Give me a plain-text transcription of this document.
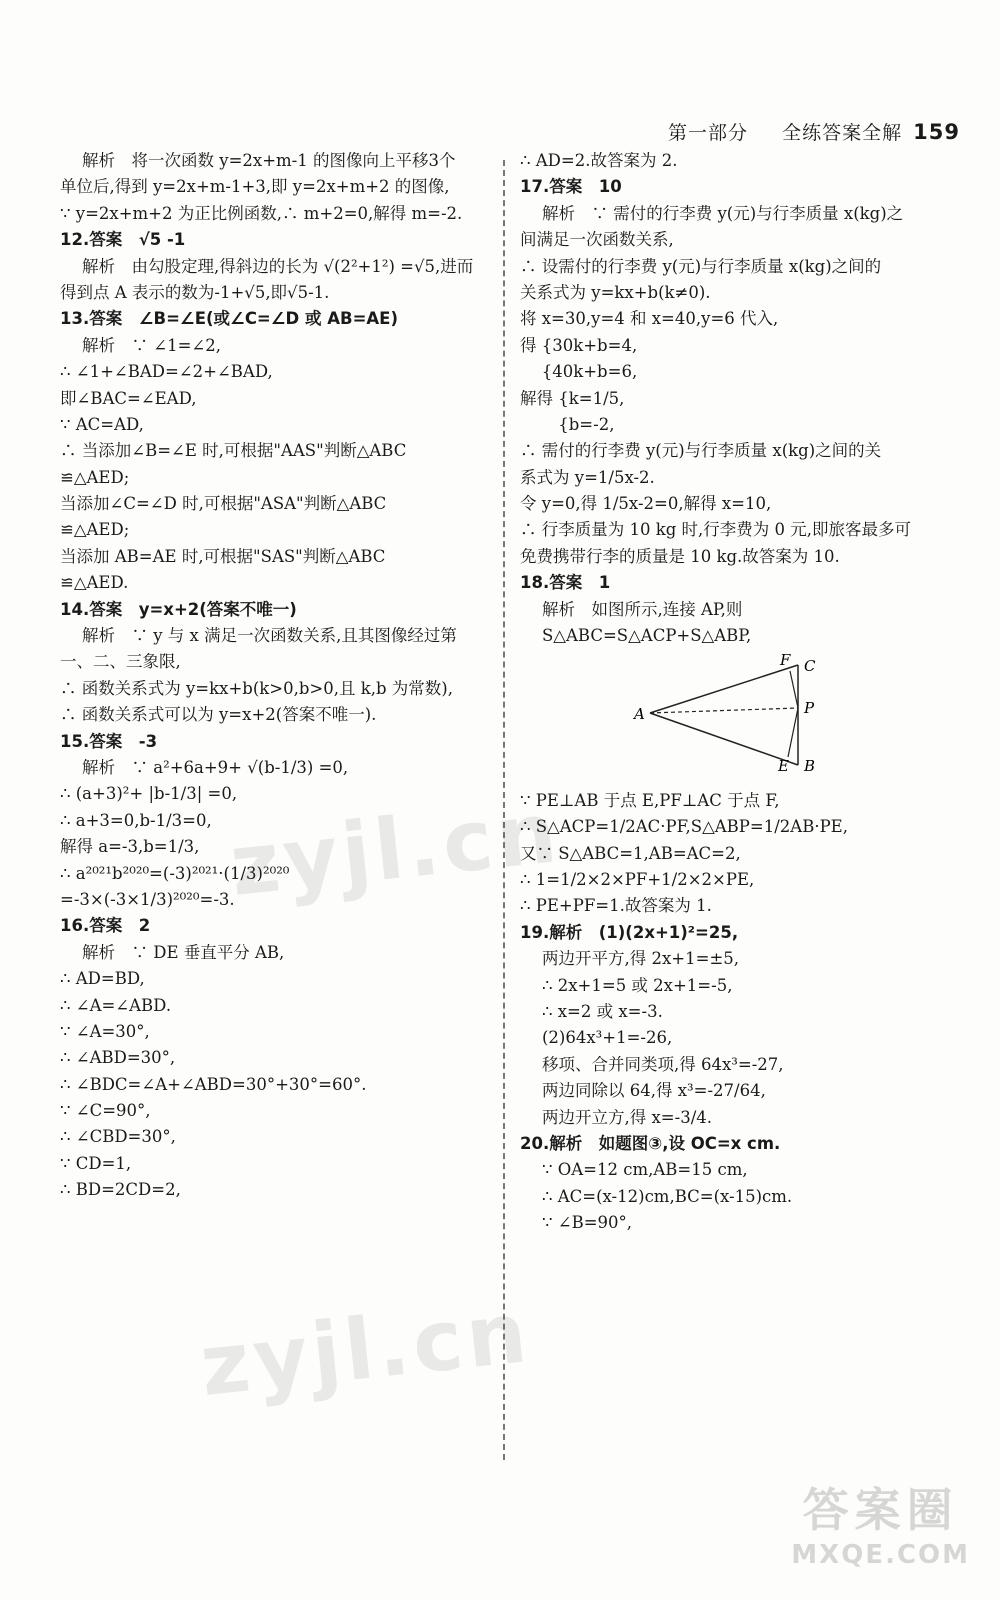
第一部分 　 全练答案全解 159

解析　将一次函数 y=2x+m-1 的图像向上平移3个

单位后,得到 y=2x+m-1+3,即 y=2x+m+2 的图像,

∵ y=2x+m+2 为正比例函数,∴ m+2=0,解得 m=-2.

12.答案　√5 -1

解析　由勾股定理,得斜边的长为 √(2²+1²) =√5,进而

得到点 A 表示的数为-1+√5,即√5-1.

13.答案　∠B=∠E(或∠C=∠D 或 AB=AE)

解析　∵ ∠1=∠2,

∴ ∠1+∠BAD=∠2+∠BAD,

即∠BAC=∠EAD,

∵ AC=AD,

∴ 当添加∠B=∠E 时,可根据"AAS"判断△ABC

≌△AED;

当添加∠C=∠D 时,可根据"ASA"判断△ABC

≌△AED;

当添加 AB=AE 时,可根据"SAS"判断△ABC

≌△AED.

14.答案　y=x+2(答案不唯一)

解析　∵ y 与 x 满足一次函数关系,且其图像经过第

一、二、三象限,

∴ 函数关系式为 y=kx+b(k>0,b>0,且 k,b 为常数),

∴ 函数关系式可以为 y=x+2(答案不唯一).

15.答案　-3

解析　∵ a²+6a+9+ √(b-1/3) =0,

∴ (a+3)²+ |b-1/3| =0,

∴ a+3=0,b-1/3=0,

解得 a=-3,b=1/3,

∴ a²⁰²¹b²⁰²⁰=(-3)²⁰²¹·(1/3)²⁰²⁰

=-3×(-3×1/3)²⁰²⁰=-3.

16.答案　2

解析　∵ DE 垂直平分 AB,

∴ AD=BD,

∴ ∠A=∠ABD.

∵ ∠A=30°,

∴ ∠ABD=30°,

∴ ∠BDC=∠A+∠ABD=30°+30°=60°.

∵ ∠C=90°,

∴ ∠CBD=30°,

∵ CD=1,

∴ BD=2CD=2,

∴ AD=2.故答案为 2.

17.答案　10

解析　∵ 需付的行李费 y(元)与行李质量 x(kg)之

间满足一次函数关系,

∴ 设需付的行李费 y(元)与行李质量 x(kg)之间的

关系式为 y=kx+b(k≠0).

将 x=30,y=4 和 x=40,y=6 代入,

得 {30k+b=4,

　 {40k+b=6,

解得 {k=1/5,

　　 {b=-2,

∴ 需付的行李费 y(元)与行李质量 x(kg)之间的关

系式为 y=1/5x-2.

令 y=0,得 1/5x-2=0,解得 x=10,

∴ 行李质量为 10 kg 时,行李费为 0 元,即旅客最多可

免费携带行李的质量是 10 kg.故答案为 10.

18.答案　1

解析　如图所示,连接 AP,则 S△ABC=S△ACP+S△ABP,

A
B
C
E
F
P

∵ PE⊥AB 于点 E,PF⊥AC 于点 F,

∴ S△ACP=1/2AC·PF,S△ABP=1/2AB·PE,

又∵ S△ABC=1,AB=AC=2,

∴ 1=1/2×2×PF+1/2×2×PE,

∴ PE+PF=1.故答案为 1.

19.解析　(1)(2x+1)²=25,

两边开平方,得 2x+1=±5,

∴ 2x+1=5 或 2x+1=-5,

∴ x=2 或 x=-3.

(2)64x³+1=-26,

移项、合并同类项,得 64x³=-27,

两边同除以 64,得 x³=-27/64,

两边开立方,得 x=-3/4.

20.解析　如题图③,设 OC=x cm.

∵ OA=12 cm,AB=15 cm,

∴ AC=(x-12)cm,BC=(x-15)cm.

∵ ∠B=90°,

zyjl.cn
zyjl.cn
答案圈
MXQE.COM
